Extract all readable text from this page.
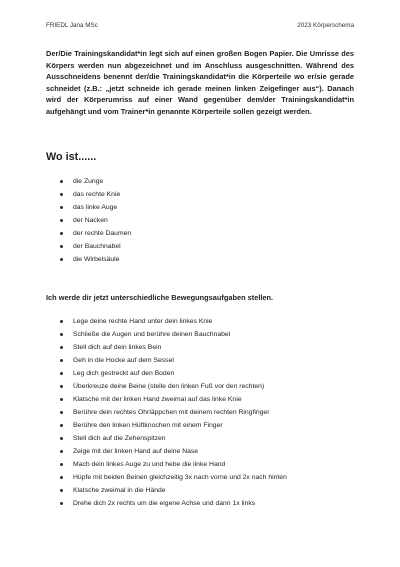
FRIEDL Jana MSc	2023 Körperschema

Der/Die Trainingskandidat*in legt sich auf einen großen Bogen Papier. Die Umrisse des Körpers werden nun abgezeichnet und im Anschluss ausgeschnitten. Während des Ausschneidens benennt der/die Trainingskandidat*in die Körperteile wo er/sie gerade schneidet (z.B.: „jetzt schneide ich gerade meinen linken Zeigefinger aus“). Danach wird der Körperumriss auf einer Wand gegenüber dem/der Trainingskandidat*in aufgehängt und vom Trainer*in genannte Körperteile sollen gezeigt werden.

Wo ist......
die Zunge
das rechte Knie
das linke Auge
der Nacken
der rechte Daumen
der Bauchnabel
die Wirbelsäule
Ich werde dir jetzt unterschiedliche Bewegungsaufgaben stellen.
Lege deine rechte Hand unter dein linkes Knie
Schließe die Augen und berühre deinen Bauchnabel
Stell dich auf dein linkes Bein
Geh in die Hocke auf dem Sessel
Leg dich gestreckt auf den Boden
Überkreuze deine Beine (stelle den linken Fuß vor den rechten)
Klatsche mit der linken Hand zweimal auf das linke Knie
Berühre dein rechtes Ohrläppchen mit deinem rechten Ringfinger
Berühre den linken Hüftknochen mit einem Finger
Stell dich auf die Zehenspitzen
Zeige mit der linken Hand auf deine Nase
Mach dein linkes Auge zu und hebe die linke Hand
Hüpfe mit beiden Beinen gleichzeitig 3x nach vorne und 2x nach hinten
Klatsche zweimal in die Hände
Drehe dich 2x rechts um die eigene Achse und dann 1x links
